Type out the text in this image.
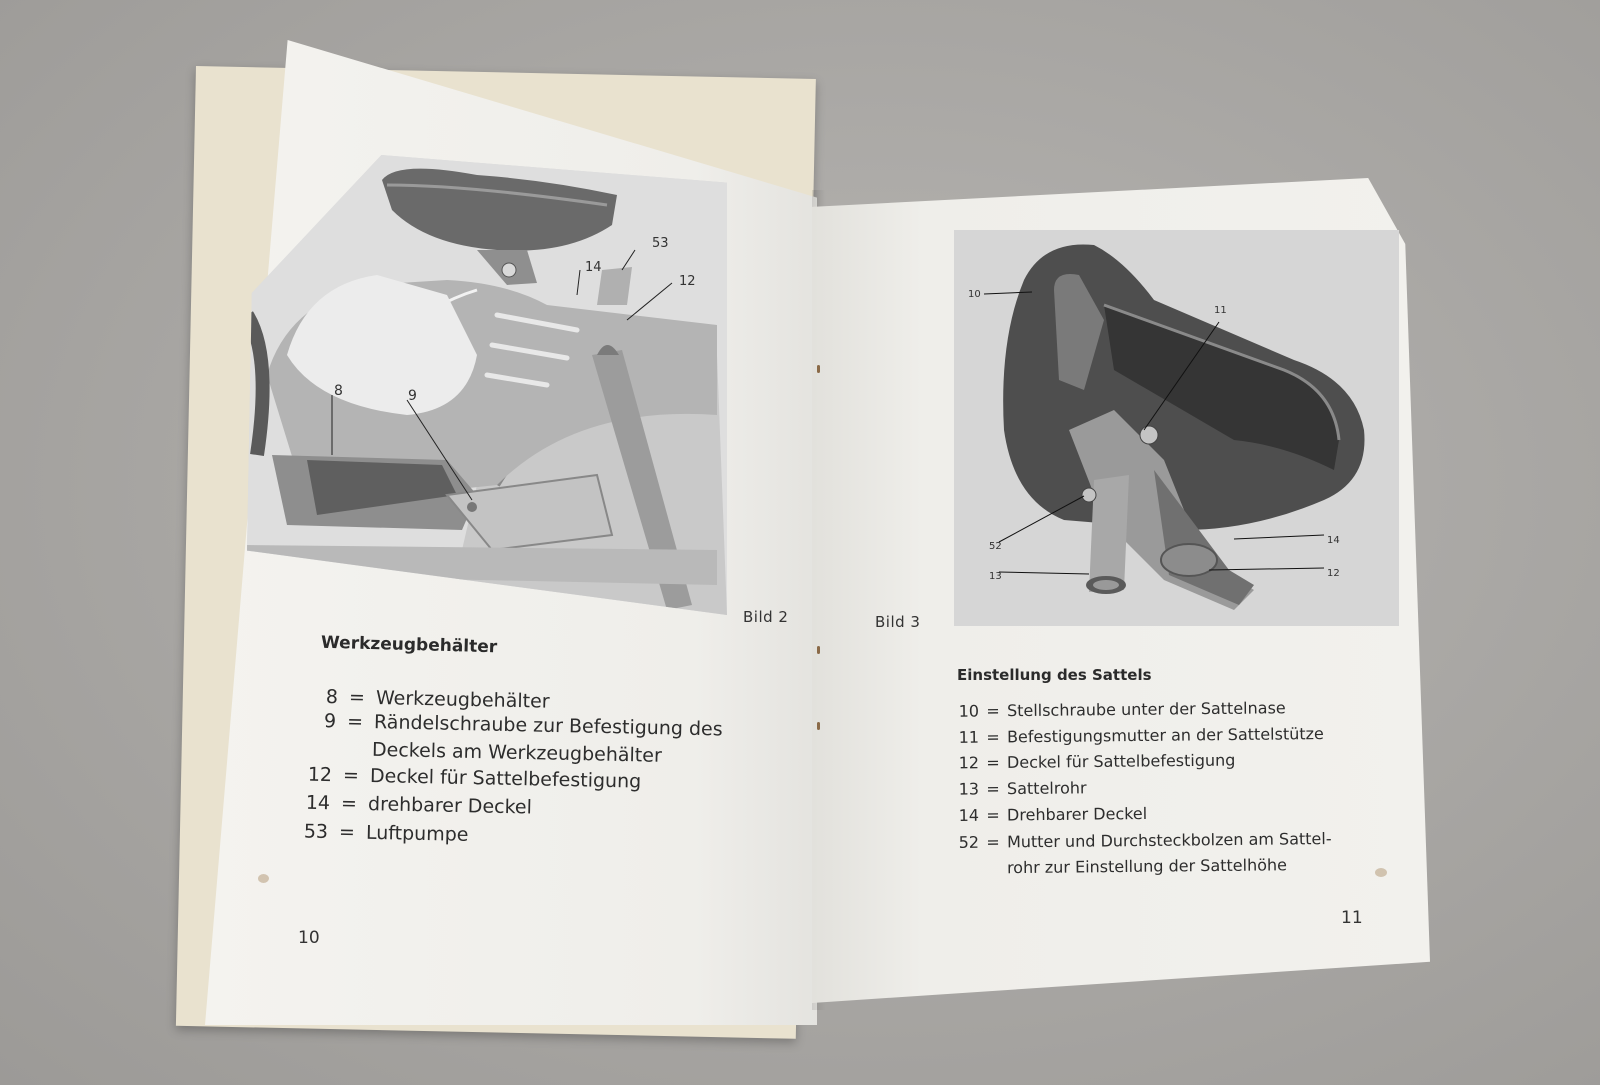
53
14
12
8	9
Bild 2
Werkzeugbehälter
8 = Werkzeugbehälter
9 = Rändelschraube zur Befestigung des
Deckels am Werkzeugbehälter
12 = Deckel für Sattelbefestigung
14 = drehbarer Deckel
53 = Luftpumpe
10
10
11
52
13
14
12
Bild 3
Einstellung des Sattels
10 = Stellschraube unter der Sattelnase
11 = Befestigungsmutter an der Sattelstütze
12 = Deckel für Sattelbefestigung
13 = Sattelrohr
14 = Drehbarer Deckel
52 = Mutter und Durchsteckbolzen am Sattel-
rohr zur Einstellung der Sattelhöhe
11
